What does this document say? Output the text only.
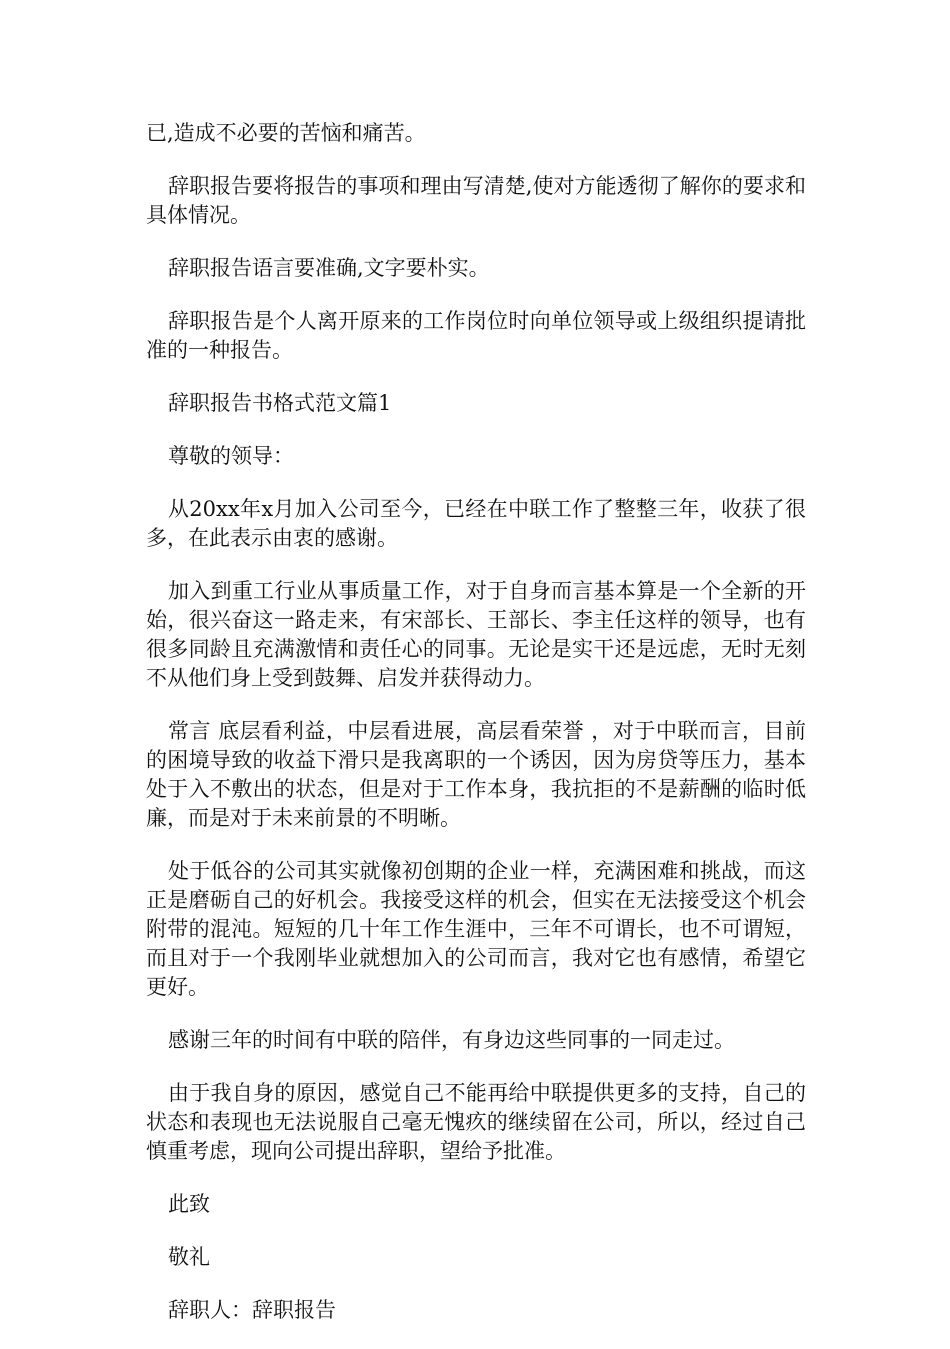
已,造成不必要的苦恼和痛苦。

辞职报告要将报告的事项和理由写清楚,使对方能透彻了解你的要求和具体情况。

辞职报告语言要准确,文字要朴实。

辞职报告是个人离开原来的工作岗位时向单位领导或上级组织提请批准的一种报告。

辞职报告书格式范文篇1

尊敬的领导：

从20xx年x月加入公司至今，已经在中联工作了整整三年，收获了很多，在此表示由衷的感谢。

加入到重工行业从事质量工作，对于自身而言基本算是一个全新的开始，很兴奋这一路走来，有宋部长、王部长、李主任这样的领导，也有很多同龄且充满激情和责任心的同事。无论是实干还是远虑，无时无刻不从他们身上受到鼓舞、启发并获得动力。

常言 底层看利益，中层看进展，高层看荣誉 ，对于中联而言，目前的困境导致的收益下滑只是我离职的一个诱因，因为房贷等压力，基本处于入不敷出的状态，但是对于工作本身，我抗拒的不是薪酬的临时低廉，而是对于未来前景的不明晰。

处于低谷的公司其实就像初创期的企业一样，充满困难和挑战，而这正是磨砺自己的好机会。我接受这样的机会，但实在无法接受这个机会附带的混沌。短短的几十年工作生涯中，三年不可谓长，也不可谓短，而且对于一个我刚毕业就想加入的公司而言，我对它也有感情，希望它更好。

感谢三年的时间有中联的陪伴，有身边这些同事的一同走过。

由于我自身的原因，感觉自己不能再给中联提供更多的支持，自己的状态和表现也无法说服自己毫无愧疚的继续留在公司，所以，经过自己慎重考虑，现向公司提出辞职，望给予批准。

此致

敬礼

辞职人：辞职报告
